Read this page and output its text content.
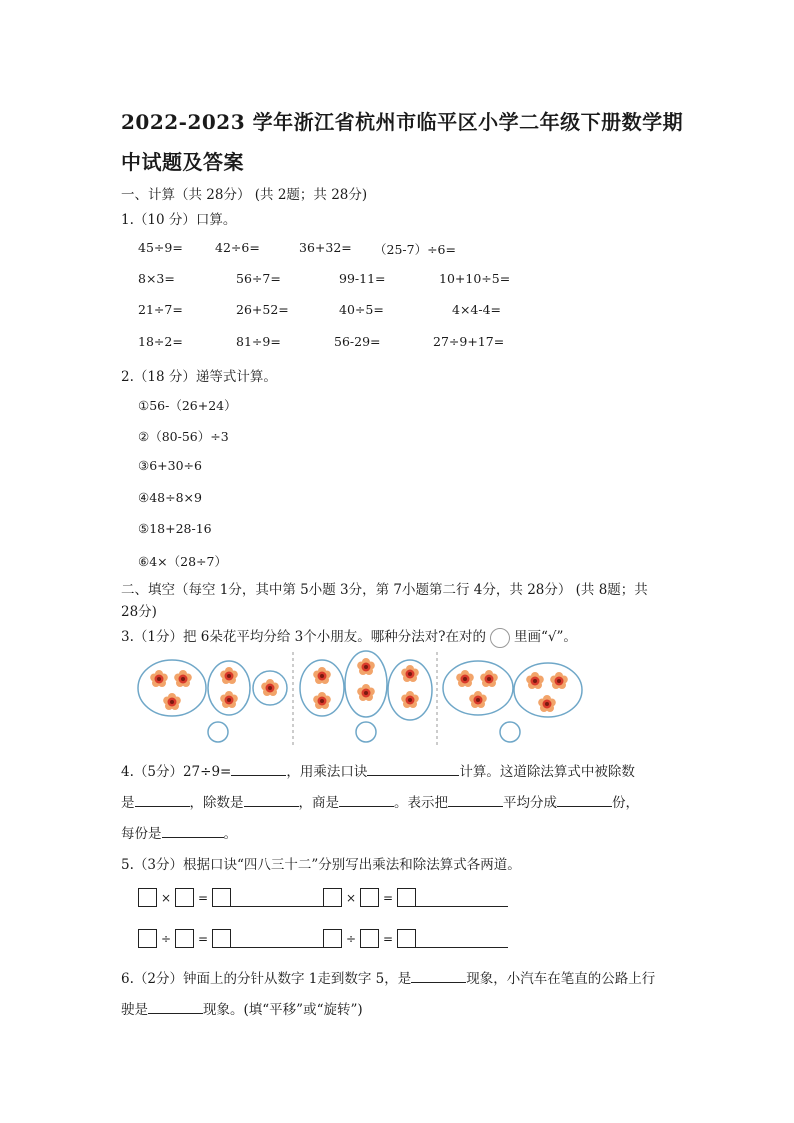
2022-2023 学年浙江省杭州市临平区小学二年级下册数学期
中试题及答案
一、计算（共 28分） (共 2题；共 28分)
1.（10 分）口算。
45÷9=	42÷6=	36+32= （25-7）÷6=
8×3=	56÷7=	99-11=	10+10÷5=
21÷7=	26+52=	40÷5=	4×4-4=
18÷2=	81÷9=	56-29=	27÷9+17=
2.（18 分）递等式计算。
①56-（26+24）
②（80-56）÷3
③6+30÷6
④48÷8×9
⑤18+28-16
⑥4×（28÷7）
二、填空（每空 1分，其中第 5小题 3分，第 7小题第二行 4分，共 28分） (共 8题；共
28分)
3.（1分）把 6朵花平均分给 3个小朋友。哪种分法对?在对的 里画“√”。
4.（5分）27÷9=	，用乘法口诀	计算。这道除法算式中被除数
是	，除数是	，商是	。表示把	平均分成	份，
每份是	。
5.（3分）根据口诀“四八三十二”分别写出乘法和除法算式各两道。
× =	× =
÷ =	÷ =
6.（2分）钟面上的分针从数字 1走到数字 5，是	现象，小汽车在笔直的公路上行
驶是	现象。(填“平移”或“旋转”)
